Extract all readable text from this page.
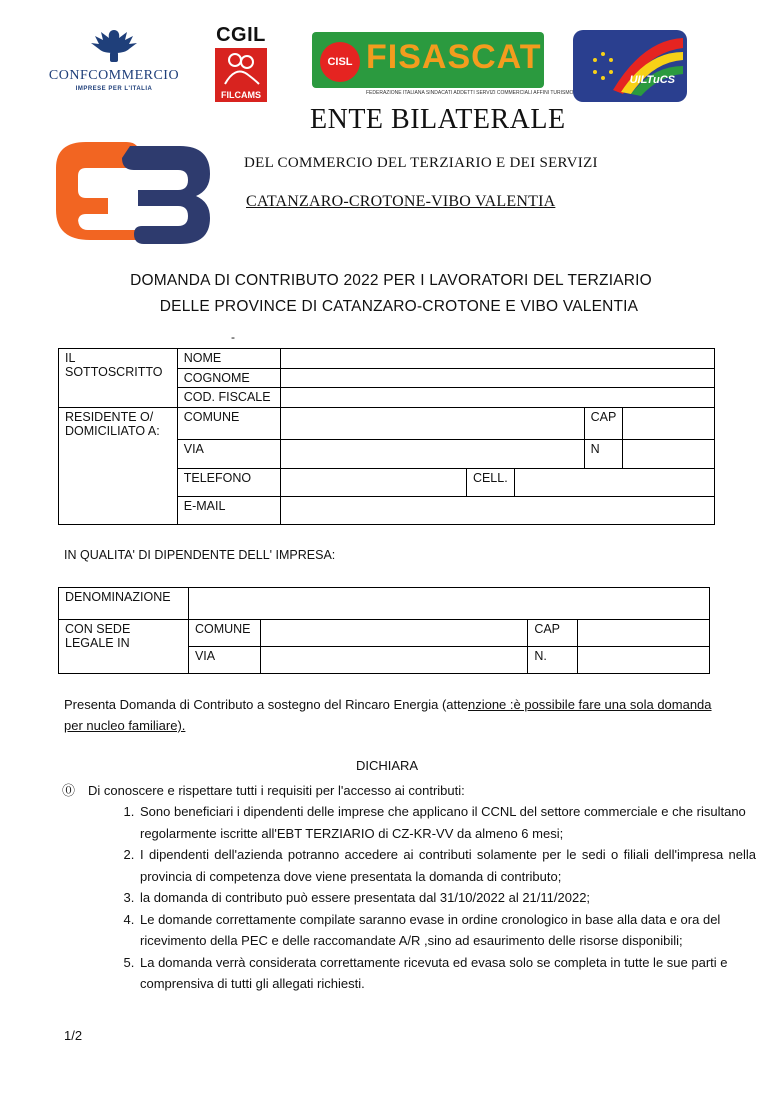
CONFCOMMERCIO
IMPRESE PER L'ITALIA
CGIL
FILCAMS
CISL FISASCAT
FEDERAZIONE ITALIANA SINDACATI ADDETTI SERVIZI COMMERCIALI AFFINI TURISMO
UILTuCS
ENTE BILATERALE
DEL COMMERCIO DEL TERZIARIO E DEI SERVIZI
CATANZARO-CROTONE-VIBO VALENTIA
DOMANDA DI CONTRIBUTO 2022 PER I LAVORATORI DEL TERZIARIO
DELLE PROVINCE DI CATANZARO-CROTONE E VIBO VALENTIA
-
IL SOTTOSCRITTO	NOME					
	COGNOME					
	COD. FISCALE					
RESIDENTE O/ DOMICILIATO A:	COMUNE				CAP	
	VIA				N	
	TELEFONO		CELL.			
	E-MAIL					
IN QUALITA' DI DIPENDENTE DELL' IMPRESA:
DENOMINAZIONE				
CON SEDE LEGALE IN	COMUNE		CAP	
	VIA		N.	
Presenta Domanda di Contributo a sostegno del Rincaro Energia (attenzione :è possibile fare una sola domanda per nucleo familiare).
DICHIARA
⓪ Di conoscere e rispettare tutti i requisiti per l'accesso ai contributi:
1. Sono beneficiari i dipendenti delle imprese che applicano il CCNL del settore commerciale e che risultano regolarmente iscritte all'EBT TERZIARIO di CZ-KR-VV da almeno 6 mesi;
2. I dipendenti dell'azienda potranno accedere ai contributi solamente per le sedi o filiali dell'impresa nella provincia di competenza dove viene presentata la domanda di contributo;
3. la domanda di contributo può essere presentata dal 31/10/2022 al 21/11/2022;
4. Le domande correttamente compilate saranno evase in ordine cronologico in base alla data e ora del ricevimento della PEC e delle raccomandate A/R ,sino ad esaurimento delle risorse disponibili;
5. La domanda verrà considerata correttamente ricevuta ed evasa solo se completa in tutte le sue parti e comprensiva di tutti gli allegati richiesti.
1/2
